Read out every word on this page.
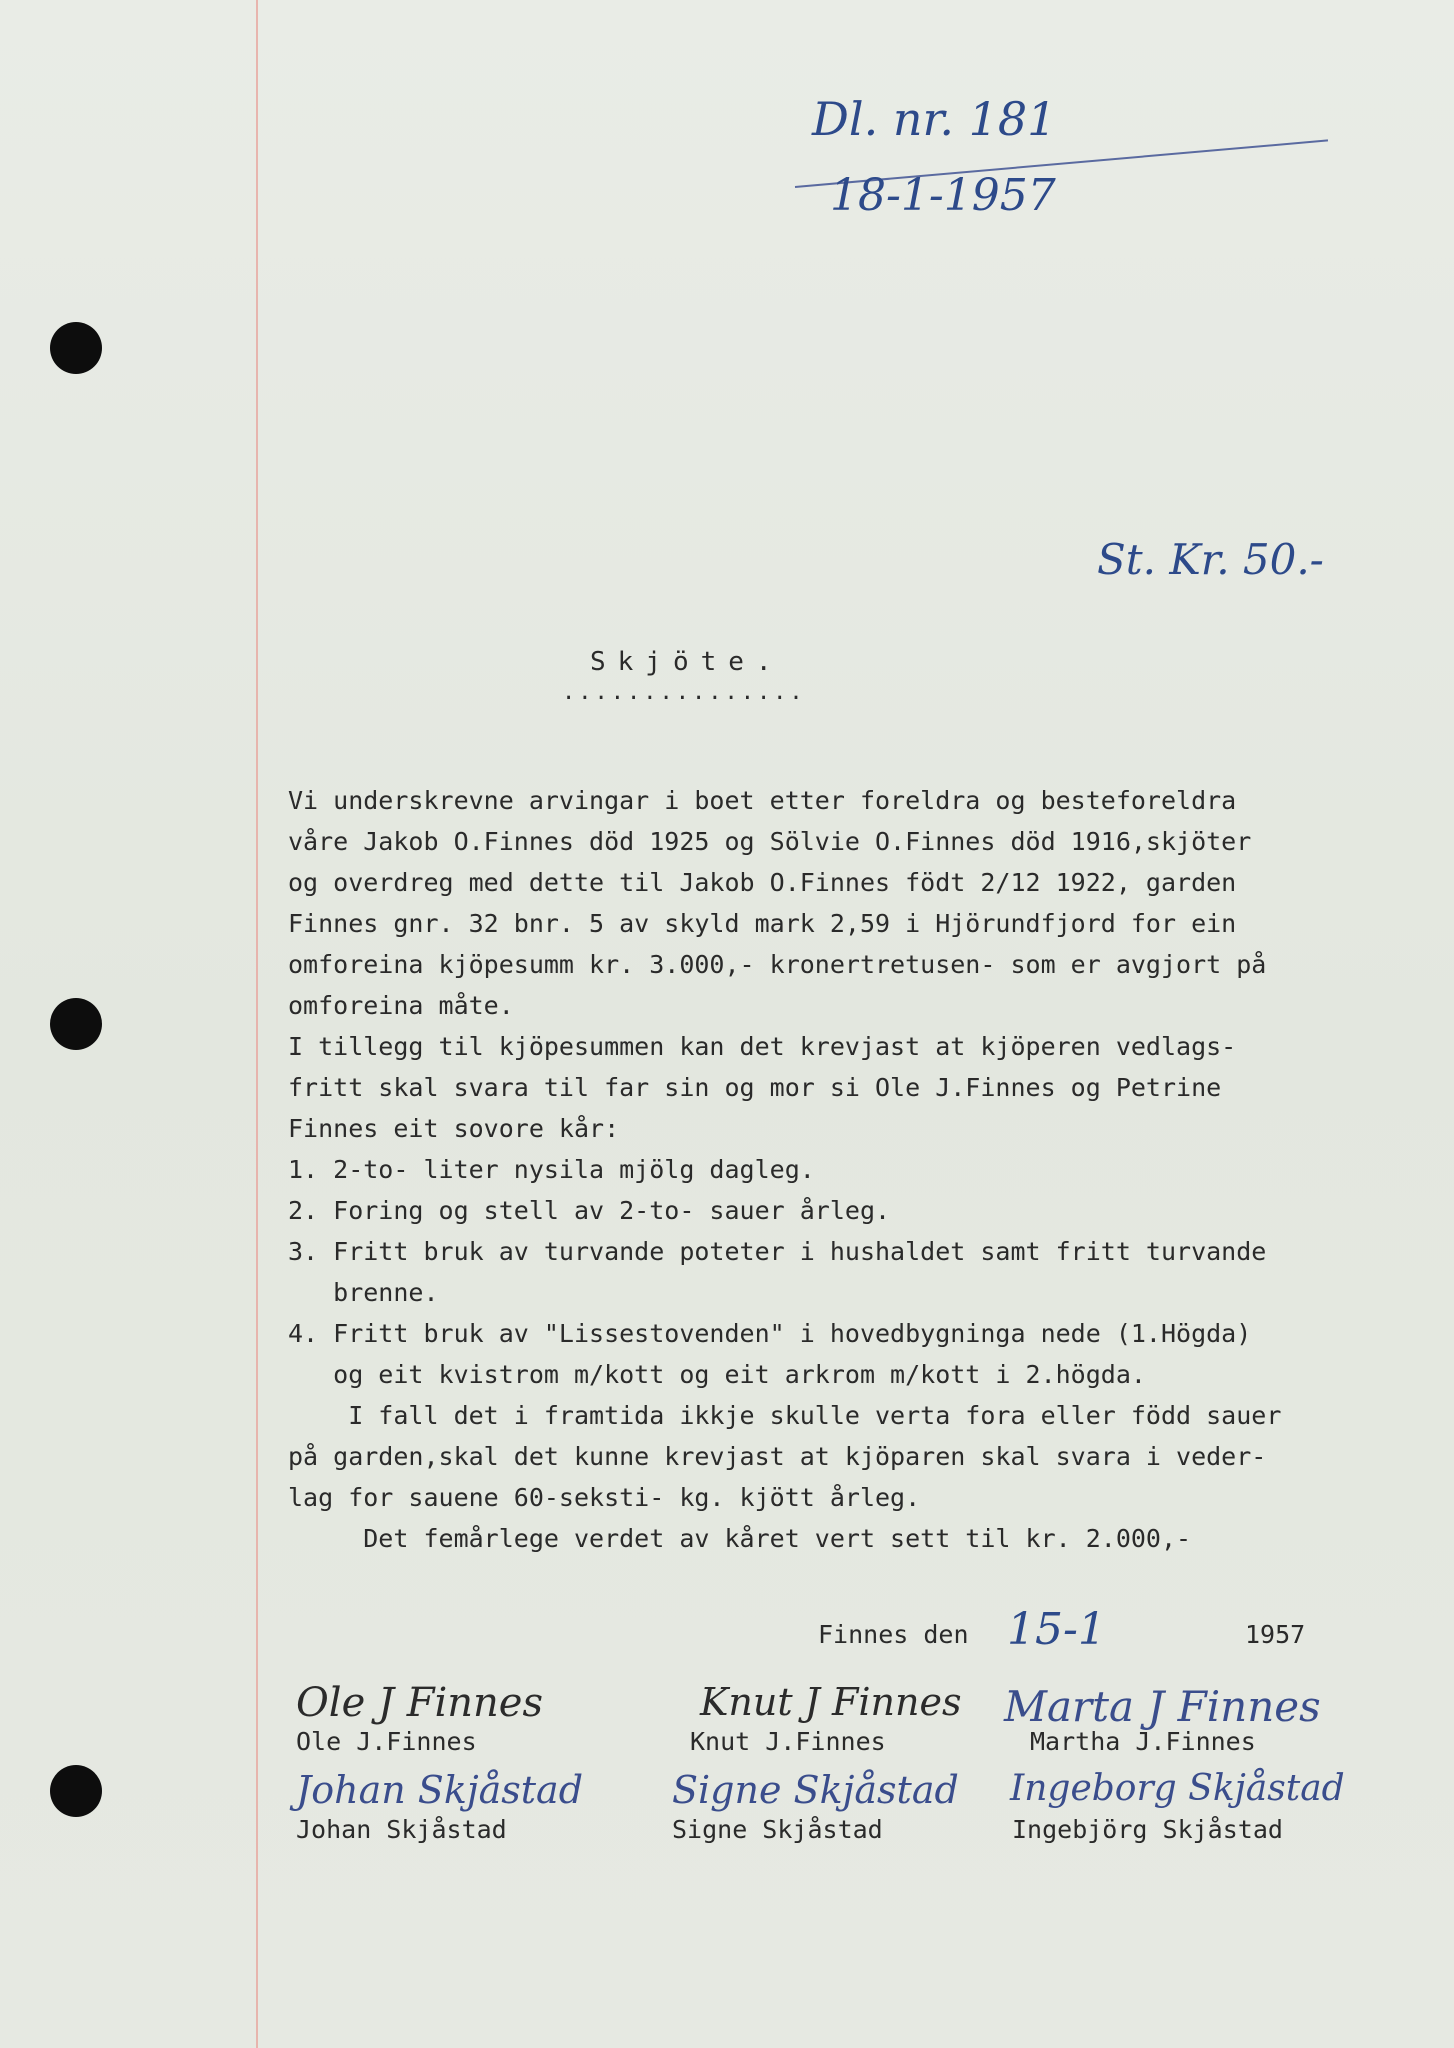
Dl. nr. 181
18-1-1957
St. Kr. 50.-
Skjöte.
...............
Vi underskrevne arvingar i boet etter foreldra og besteforeldra
våre Jakob O.Finnes död 1925 og Sölvie O.Finnes död 1916,skjöter
og overdreg med dette til Jakob O.Finnes födt 2/12 1922, garden
Finnes gnr. 32 bnr. 5 av skyld mark 2,59 i Hjörundfjord for ein
omforeina kjöpesumm kr. 3.000,- kronertretusen- som er avgjort på
omforeina måte.
I tillegg til kjöpesummen kan det krevjast at kjöperen vedlags-
fritt skal svara til far sin og mor si Ole J.Finnes og Petrine
Finnes eit sovore kår:
1. 2-to- liter nysila mjölg dagleg.
2. Foring og stell av 2-to- sauer årleg.
3. Fritt bruk av turvande poteter i hushaldet samt fritt turvande
brenne.
4. Fritt bruk av "Lissestovenden" i hovedbygninga nede (1.Högda)
og eit kvistrom m/kott og eit arkrom m/kott i 2.högda.
I fall det i framtida ikkje skulle verta fora eller född sauer
på garden,skal det kunne krevjast at kjöparen skal svara i veder-
lag for sauene 60-seksti- kg. kjött årleg.
Det femårlege verdet av kåret vert sett til kr. 2.000,-
Finnes den 15-1	1957
Ole J Finnes
Ole J.Finnes
Knut J Finnes
Knut J.Finnes
Marta J Finnes
Martha J.Finnes
Johan Skjåstad
Johan Skjåstad
Signe Skjåstad
Signe Skjåstad
Ingeborg Skjåstad
Ingebjörg Skjåstad
